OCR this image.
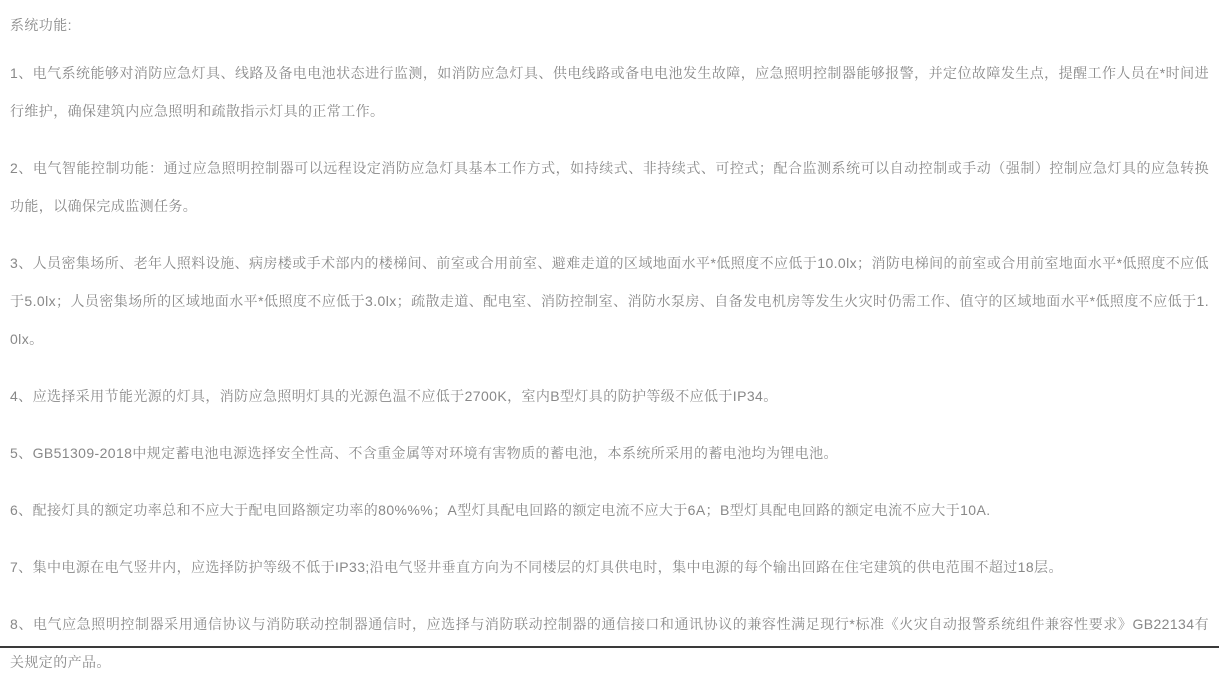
系统功能:

1、电气系统能够对消防应急灯具、线路及备电电池状态进行监测，如消防应急灯具、供电线路或备电电池发生故障，应急照明控制器能够报警，并定位故障发生点，提醒工作人员在*时间进行维护，确保建筑内应急照明和疏散指示灯具的正常工作。

2、电气智能控制功能：通过应急照明控制器可以远程设定消防应急灯具基本工作方式，如持续式、非持续式、可控式；配合监测系统可以自动控制或手动（强制）控制应急灯具的应急转换功能，以确保完成监测任务。

3、人员密集场所、老年人照料设施、病房楼或手术部内的楼梯间、前室或合用前室、避难走道的区域地面水平*低照度不应低于10.0lx；消防电梯间的前室或合用前室地面水平*低照度不应低于5.0lx；人员密集场所的区域地面水平*低照度不应低于3.0lx；疏散走道、配电室、消防控制室、消防水泵房、自备发电机房等发生火灾时仍需工作、值守的区域地面水平*低照度不应低于1.0lx。

4、应选择采用节能光源的灯具，消防应急照明灯具的光源色温不应低于2700K，室内B型灯具的防护等级不应低于IP34。

5、GB51309-2018中规定蓄电池电源选择安全性高、不含重金属等对环境有害物质的蓄电池，本系统所采用的蓄电池均为锂电池。

6、配接灯具的额定功率总和不应大于配电回路额定功率的80%%%；A型灯具配电回路的额定电流不应大于6A；B型灯具配电回路的额定电流不应大于10A.

7、集中电源在电气竖井内，应选择防护等级不低于IP33;沿电气竖井垂直方向为不同楼层的灯具供电时，集中电源的每个输出回路在住宅建筑的供电范围不超过18层。

8、电气应急照明控制器采用通信协议与消防联动控制器通信时，应选择与消防联动控制器的通信接口和通讯协议的兼容性满足现行*标准《火灾自动报警系统组件兼容性要求》GB22134有关规定的产品。
